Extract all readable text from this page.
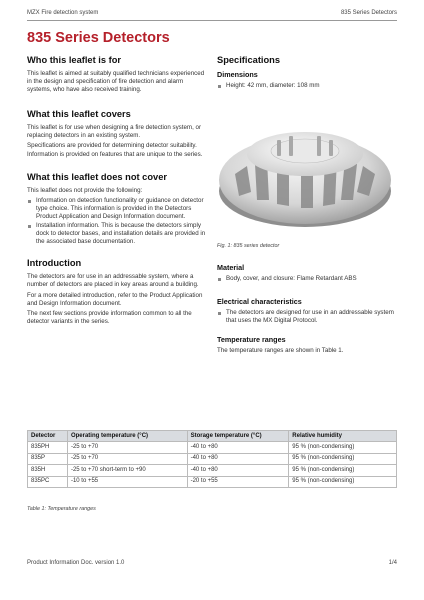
MZX Fire detection system	835 Series Detectors
835 Series Detectors
Who this leaflet is for
This leaflet is aimed at suitably qualified technicians experienced in the design and specification of fire detection and alarm systems, who have also received training.
What this leaflet covers
This leaflet is for use when designing a fire detection system, or replacing detectors in an existing system.
Specifications are provided for determining detector suitability. Information is provided on features that are unique to the series.
What this leaflet does not cover
This leaflet does not provide the following:
Information on detection functionality or guidance on detector type choice. This information is provided in the Detectors Product Application and Design Information document.
Installation information. This is because the detectors simply dock to detector bases, and installation details are provided in the associated base documentation.
Introduction
The detectors are for use in an addressable system, where a number of detectors are placed in key areas around a building.
For a more detailed introduction, refer to the Product Application and Design Information document.
The next few sections provide information common to all the detector variants in the series.
Specifications
Dimensions
Height: 42 mm, diameter: 108 mm
Fig. 1: 835 series detector
Material
Body, cover, and closure: Flame Retardant ABS
Electrical characteristics
The detectors are designed for use in an addressable system that uses the MX Digital Protocol.
Temperature ranges
The temperature ranges are shown in Table 1.
Detector	Operating temperature (°C)	Storage temperature (°C)	Relative humidity
835PH	-25 to +70	-40 to +80	95 % (non-condensing)
835P	-25 to +70	-40 to +80	95 % (non-condensing)
835H	-25 to +70 short-term to +90	-40 to +80	95 % (non-condensing)
835PC	-10 to +55	-20 to +55	95 % (non-condensing)
Table 1: Temperature ranges
Product Information Doc. version 1.0	1/4
